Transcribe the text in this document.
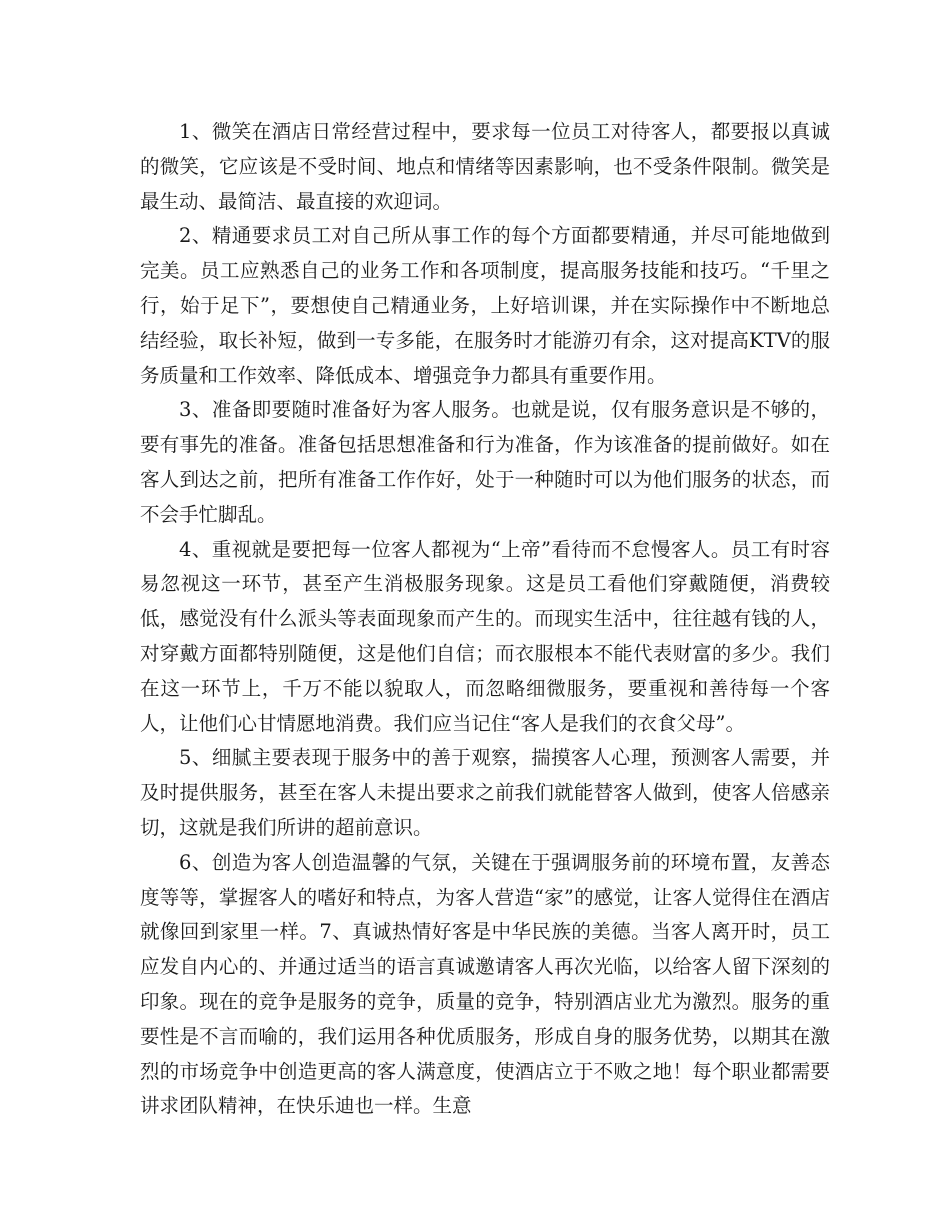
1、微笑在酒店日常经营过程中，要求每一位员工对待客人，都要报以真诚的微笑，它应该是不受时间、地点和情绪等因素影响，也不受条件限制。微笑是最生动、最简洁、最直接的欢迎词。

2、精通要求员工对自己所从事工作的每个方面都要精通，并尽可能地做到完美。员工应熟悉自己的业务工作和各项制度，提高服务技能和技巧。“千里之行，始于足下”，要想使自己精通业务，上好培训课，并在实际操作中不断地总结经验，取长补短，做到一专多能，在服务时才能游刃有余，这对提高KTV的服务质量和工作效率、降低成本、增强竞争力都具有重要作用。

3、准备即要随时准备好为客人服务。也就是说，仅有服务意识是不够的，要有事先的准备。准备包括思想准备和行为准备，作为该准备的提前做好。如在客人到达之前，把所有准备工作作好，处于一种随时可以为他们服务的状态，而不会手忙脚乱。

4、重视就是要把每一位客人都视为“上帝”看待而不怠慢客人。员工有时容易忽视这一环节，甚至产生消极服务现象。这是员工看他们穿戴随便，消费较低，感觉没有什么派头等表面现象而产生的。而现实生活中，往往越有钱的人，对穿戴方面都特别随便，这是他们自信；而衣服根本不能代表财富的多少。我们在这一环节上，千万不能以貌取人，而忽略细微服务，要重视和善待每一个客人，让他们心甘情愿地消费。我们应当记住“客人是我们的衣食父母”。

5、细腻主要表现于服务中的善于观察，揣摸客人心理，预测客人需要，并及时提供服务，甚至在客人未提出要求之前我们就能替客人做到，使客人倍感亲切，这就是我们所讲的超前意识。

6、创造为客人创造温馨的气氛，关键在于强调服务前的环境布置，友善态度等等，掌握客人的嗜好和特点，为客人营造“家”的感觉，让客人觉得住在酒店就像回到家里一样。7、真诚热情好客是中华民族的美德。当客人离开时，员工应发自内心的、并通过适当的语言真诚邀请客人再次光临，以给客人留下深刻的印象。现在的竞争是服务的竞争，质量的竞争，特别酒店业尤为激烈。服务的重要性是不言而喻的，我们运用各种优质服务，形成自身的服务优势，以期其在激烈的市场竞争中创造更高的客人满意度，使酒店立于不败之地！每个职业都需要讲求团队精神，在快乐迪也一样。生意
